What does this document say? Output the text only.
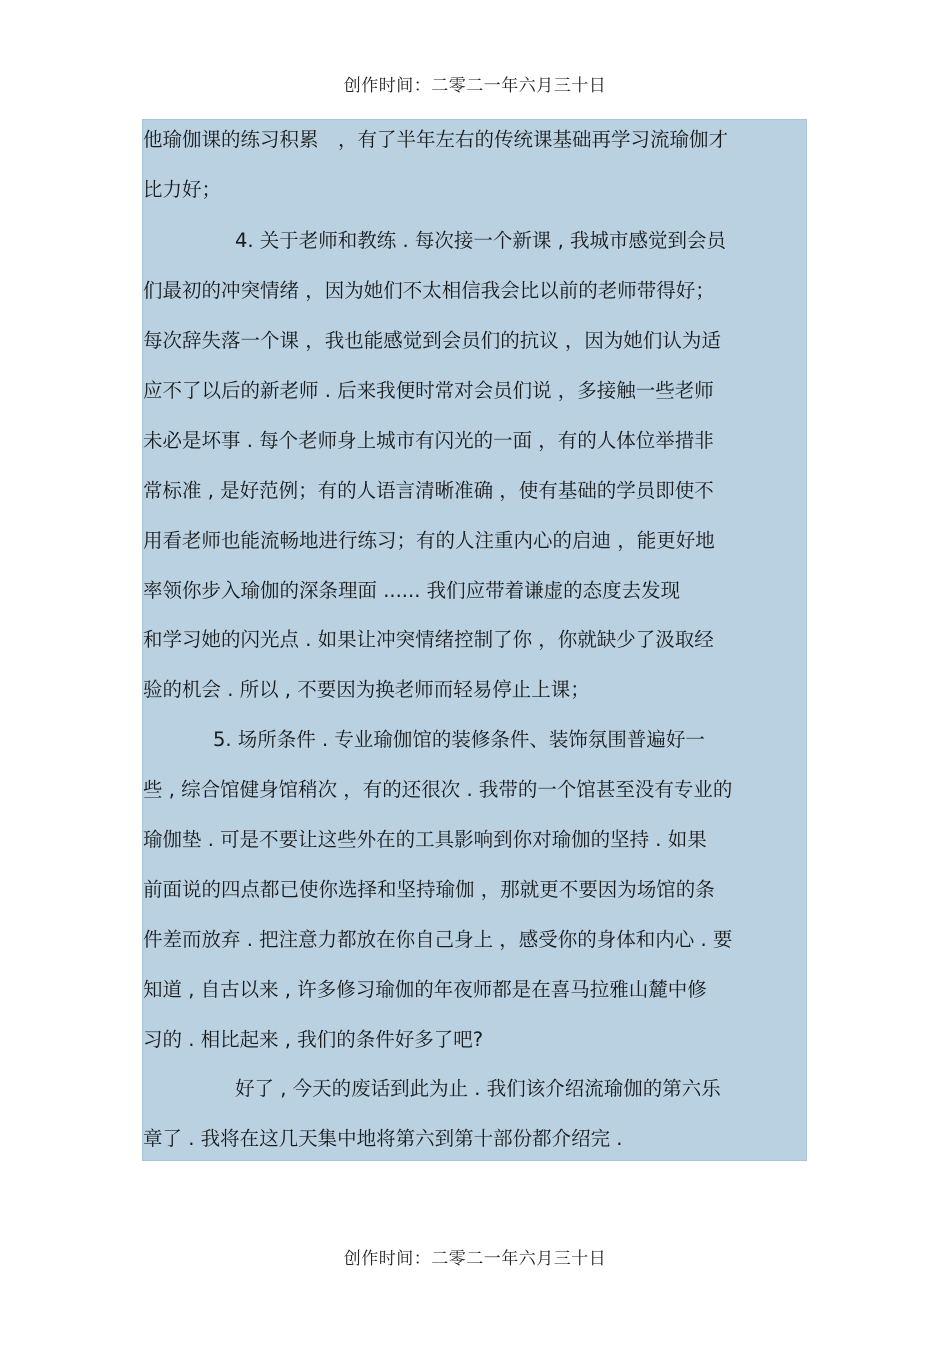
创作时间：二零二一年六月三十日
他瑜伽课的练习积累　，有了半年左右的传统课基础再学习流瑜伽才
比力好；
4. 关于老师和教练 . 每次接一个新课 , 我城市感觉到会员
们最初的冲突情绪 ，因为她们不太相信我会比以前的老师带得好；
每次辞失落一个课 ，我也能感觉到会员们的抗议 ，因为她们认为适
应不了以后的新老师 . 后来我便时常对会员们说 ，多接触一些老师
未必是坏事 . 每个老师身上城市有闪光的一面 ，有的人体位举措非
常标准 , 是好范例；有的人语言清晰准确 ，使有基础的学员即使不
用看老师也能流畅地进行练习；有的人注重内心的启迪 ，能更好地
率领你步入瑜伽的深条理面 ...... 我们应带着谦虚的态度去发现
和学习她的闪光点 . 如果让冲突情绪控制了你 ，你就缺少了汲取经
验的机会 . 所以 , 不要因为换老师而轻易停止上课；
5. 场所条件 . 专业瑜伽馆的装修条件、装饰氛围普遍好一
些 , 综合馆健身馆稍次 ，有的还很次 . 我带的一个馆甚至没有专业的
瑜伽垫 . 可是不要让这些外在的工具影响到你对瑜伽的坚持 . 如果
前面说的四点都已使你选择和坚持瑜伽 ，那就更不要因为场馆的条
件差而放弃 . 把注意力都放在你自己身上 ，感受你的身体和内心 . 要
知道 , 自古以来 , 许多修习瑜伽的年夜师都是在喜马拉雅山麓中修
习的 . 相比起来 , 我们的条件好多了吧?
好了 , 今天的废话到此为止 . 我们该介绍流瑜伽的第六乐
章了 . 我将在这几天集中地将第六到第十部份都介绍完 .
创作时间：二零二一年六月三十日
